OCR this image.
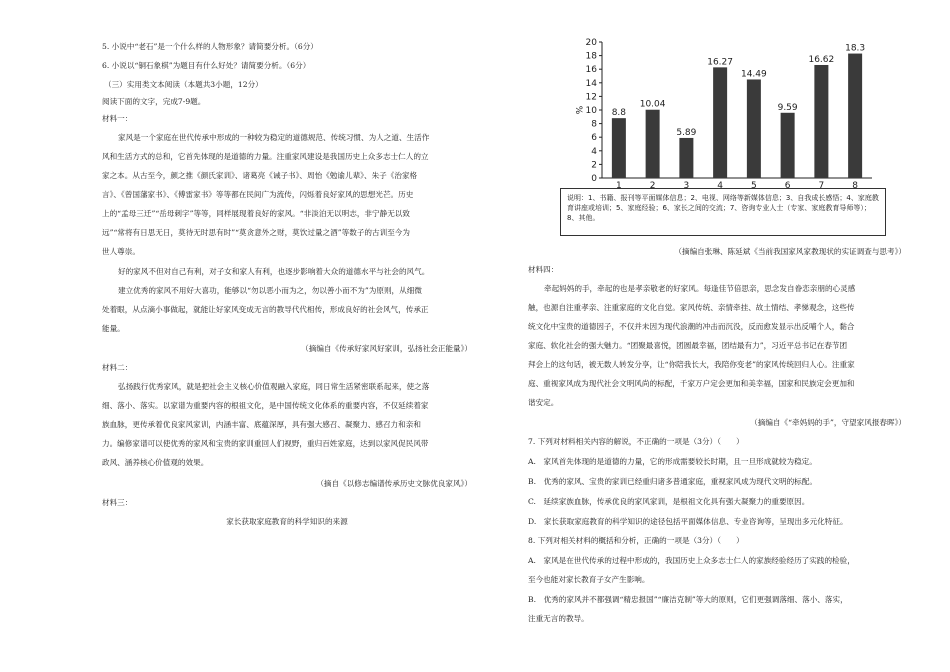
5. 小说中“老石”是一个什么样的人物形象？请简要分析。（6分）
6. 小说以“铜石象棋”为题目有什么好处？请简要分析。（6分）
（三）实用类文本阅读（本题共3小题，12分）
阅读下面的文字，完成7-9题。
材料一：
家风是一个家庭在世代传承中形成的一种较为稳定的道德规范、传统习惯、为人之道、生活作
风和生活方式的总和，它首先体现的是道德的力量。注重家风建设是我国历史上众多志士仁人的立
家之本。从古至今，颜之推《颜氏家训》、诸葛亮《诫子书》、周怡《勉谕儿辈》、朱子《治家格
言》、《曾国藩家书》、《傅雷家书》等等都在民间广为流传，闪烁着良好家风的思想光芒。历史
上的“孟母三迁”“岳母刺字”等等，同样展现着良好的家风。“非淡泊无以明志，非宁静无以致
远”“常将有日思无日，莫待无时思有时”“莫贪意外之财，莫饮过量之酒”等数子的古训至今为
世人尊崇。
好的家风不但对自己有利，对子女和家人有利，也逐步影响着大众的道德水平与社会的风气。
建立优秀的家风不用好大喜功，能够以“勿以恶小而为之，勿以善小而不为”为原则，从细微
处着眼，从点滴小事做起，就能让好家风变成无言的教导代代相传，形成良好的社会风气，传承正
能量。
材料二：
弘扬践行优秀家风，就是把社会主义核心价值观融入家庭，同日常生活紧密联系起来，使之落
细、落小、落实。以家谱为重要内容的根祖文化，是中国传统文化体系的重要内容，不仅延续着家
族血脉，更传承着优良家风家训，内涵丰富、底蕴深厚，具有强大感召、凝聚力、感召力和亲和
力。编修家谱可以使优秀的家风和宝贵的家训重回人们视野，重归百姓家庭，达到以家风促民风带
政风、涵养核心价值观的效果。
材料三：
（摘编自《传承好家风好家训，弘扬社会正能量》）
（摘自《以修志编谱传承历史文脉优良家风》）
家长获取家庭教育的科学知识的来源
材料四：
牵起妈妈的手，牵起的也是孝亲敬老的好家风。每逢佳节倍思亲，思念发自眷恋亲朋的心灵感
触，也源自注重孝亲、注重家庭的文化自觉。家风传统、亲情牵挂、故土情结、孝悌观念，这些传
统文化中宝贵的道德因子，不仅并未因为现代浪潮的冲击而沉没，反而愈发显示出反哺个人，黏合
家庭、软化社会的强大魅力。“团聚最喜悦，团圆最幸福，团结最有力”，习近平总书记在春节团
拜会上的这句话，被无数人转发分享，让“你陪我长大，我陪你变老”的家风传统回归人心。注重家
庭、重视家风成为现代社会文明风尚的标配，千家万户定会更加和美幸福，国家和民族定会更加和
谐安定。
7. 下列对材料相关内容的解说，不正确的一项是（3分）（　　）
A.　家风首先体现的是道德的力量，它的形成需要较长时期，且一旦形成就较为稳定。
B.　优秀的家风、宝贵的家训已经重归诸多普通家庭，重视家风成为现代文明的标配。
C.　延续家族血脉，传承优良的家风家训，是根祖文化具有强大凝聚力的重要原因。
D.　家长获取家庭教育的科学知识的途径包括平面媒体信息、专业咨询等，呈现出多元化特征。
8. 下列对相关材料的概括和分析，正确的一项是（3分）（　　）
A.　家风是在世代传承的过程中形成的，我国历史上众多志士仁人的家族经验经历了实践的检验，
至今也能对家长教育子女产生影响。
B.　优秀的家风并不都强调“精忠报国”“廉洁克制”等大的原则，它们更强调落细、落小、落实，
注重无言的教导。
（摘编自张琳、陈延斌《当前我国家风家教现状的实证调查与思考》）
（摘编自《“牵妈妈的手”，守望家风报春晖》）
0
2
4
6
8
10
12
14
16
18
20
%	8.8
1
10.04
2
5.89
3
16.27
4
14.49
5
9.59
6
16.62
7
18.3
8
说明：1、书籍、报刊等平面媒体信息；2、电视、网络等新媒体信息；3、自我成长感悟；4、家庭教育讲座或培训；5、家庭经验；6、家长之间的交流；7、咨询专业人士（专家、家庭教育导师等）；8、其他。
